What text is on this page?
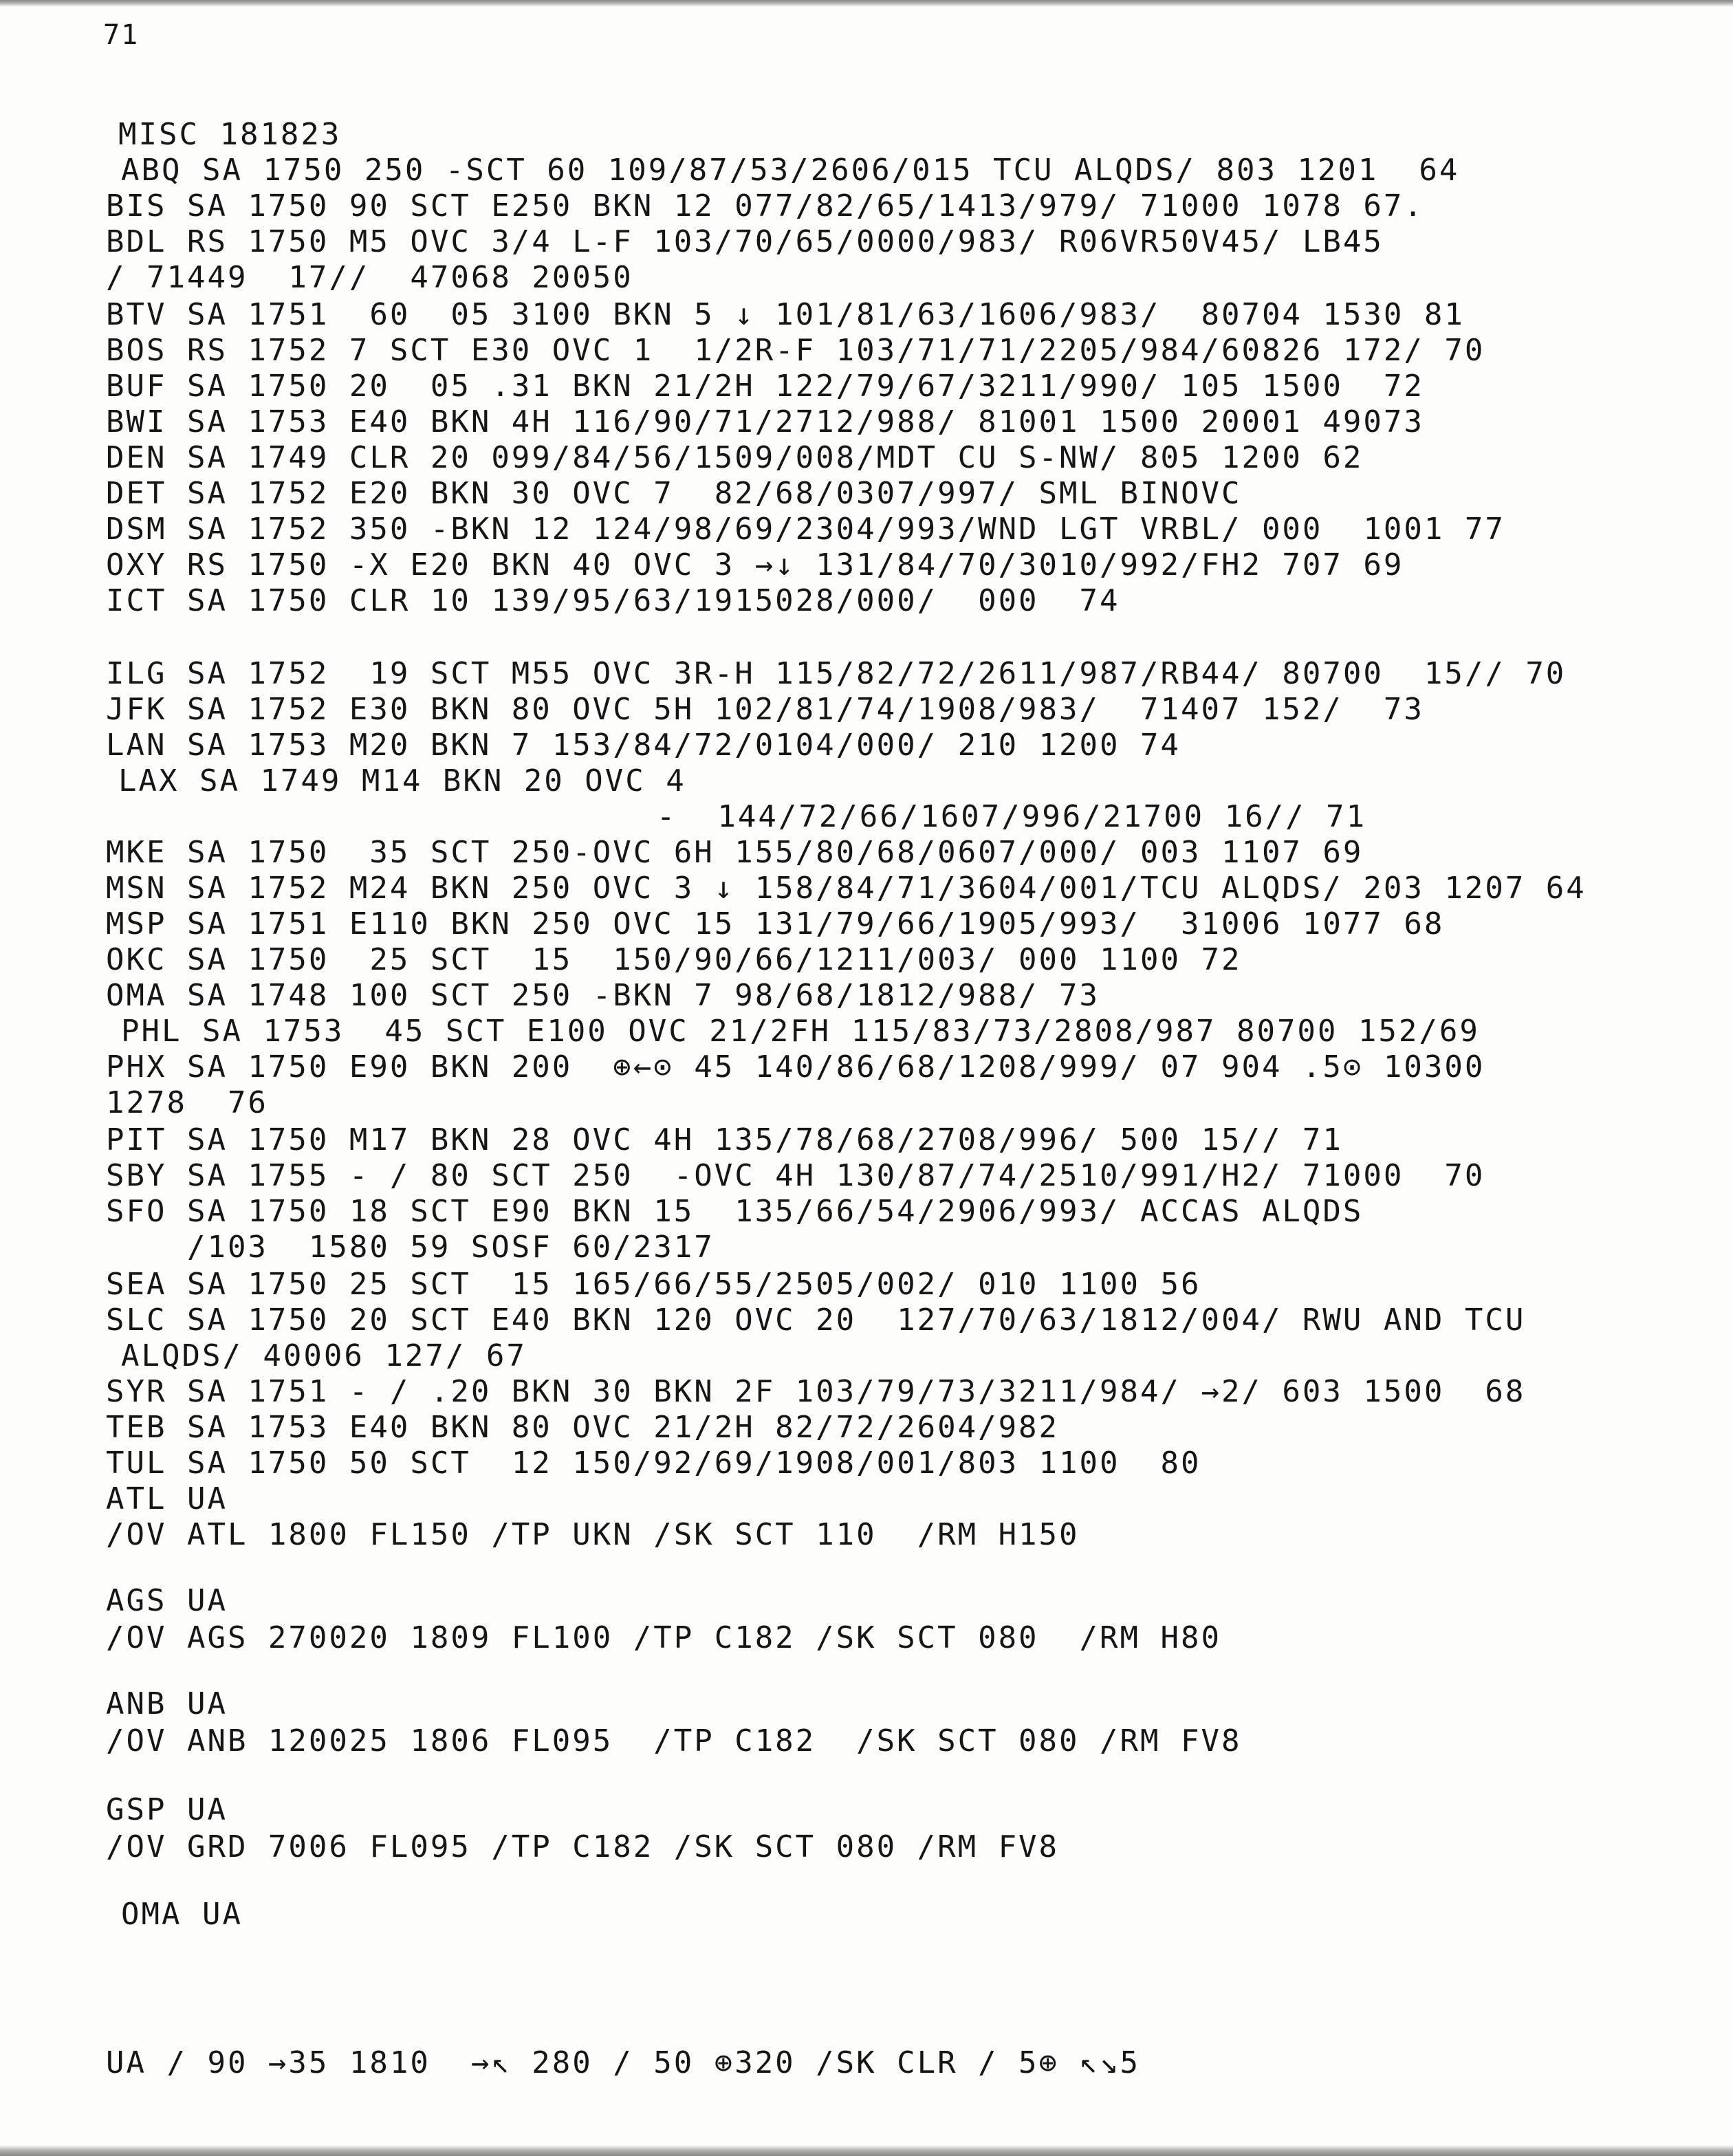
71
MISC 181823
ABQ SA 1750 250 -SCT 60 109/87/53/2606/015 TCU ALQDS/ 803 1201  64
BIS SA 1750 90 SCT E250 BKN 12 077/82/65/1413/979/ 71000 1078 67.
BDL RS 1750 M5 OVC 3/4 L-F 103/70/65/0000/983/ R06VR50V45/ LB45
/ 71449  17//  47068 20050
BTV SA 1751  60  05 3100 BKN 5 ↓ 101/81/63/1606/983/  80704 1530 81
BOS RS 1752 7 SCT E30 OVC 1  1/2R-F 103/71/71/2205/984/60826 172/ 70
BUF SA 1750 20  05 .31 BKN 21/2H 122/79/67/3211/990/ 105 1500  72
BWI SA 1753 E40 BKN 4H 116/90/71/2712/988/ 81001 1500 20001 49073
DEN SA 1749 CLR 20 099/84/56/1509/008/MDT CU S-NW/ 805 1200 62
DET SA 1752 E20 BKN 30 OVC 7  82/68/0307/997/ SML BINOVC
DSM SA 1752 350 -BKN 12 124/98/69/2304/993/WND LGT VRBL/ 000  1001 77
OXY RS 1750 -X E20 BKN 40 OVC 3 →↓ 131/84/70/3010/992/FH2 707 69
ICT SA 1750 CLR 10 139/95/63/1915028/000/  000  74
ILG SA 1752  19 SCT M55 OVC 3R-H 115/82/72/2611/987/RB44/ 80700  15// 70
JFK SA 1752 E30 BKN 80 OVC 5H 102/81/74/1908/983/  71407 152/  73
LAN SA 1753 M20 BKN 7 153/84/72/0104/000/ 210 1200 74
LAX SA 1749 M14 BKN 20 OVC 4
-  144/72/66/1607/996/21700 16// 71
MKE SA 1750  35 SCT 250-OVC 6H 155/80/68/0607/000/ 003 1107 69
MSN SA 1752 M24 BKN 250 OVC 3 ↓ 158/84/71/3604/001/TCU ALQDS/ 203 1207 64
MSP SA 1751 E110 BKN 250 OVC 15 131/79/66/1905/993/  31006 1077 68
OKC SA 1750  25 SCT  15  150/90/66/1211/003/ 000 1100 72
OMA SA 1748 100 SCT 250 -BKN 7 98/68/1812/988/ 73
PHL SA 1753  45 SCT E100 OVC 21/2FH 115/83/73/2808/987 80700 152/69
PHX SA 1750 E90 BKN 200  ⊕←⊙ 45 140/86/68/1208/999/ 07 904 .5⊙ 10300
1278  76
PIT SA 1750 M17 BKN 28 OVC 4H 135/78/68/2708/996/ 500 15// 71
SBY SA 1755 - / 80 SCT 250  -OVC 4H 130/87/74/2510/991/H2/ 71000  70
SFO SA 1750 18 SCT E90 BKN 15  135/66/54/2906/993/ ACCAS ALQDS
/103  1580 59 SOSF 60/2317
SEA SA 1750 25 SCT  15 165/66/55/2505/002/ 010 1100 56
SLC SA 1750 20 SCT E40 BKN 120 OVC 20  127/70/63/1812/004/ RWU AND TCU
ALQDS/ 40006 127/ 67
SYR SA 1751 - / .20 BKN 30 BKN 2F 103/79/73/3211/984/ →2/ 603 1500  68
TEB SA 1753 E40 BKN 80 OVC 21/2H 82/72/2604/982
TUL SA 1750 50 SCT  12 150/92/69/1908/001/803 1100  80
ATL UA
/OV ATL 1800 FL150 /TP UKN /SK SCT 110  /RM H150
AGS UA
/OV AGS 270020 1809 FL100 /TP C182 /SK SCT 080  /RM H80
ANB UA
/OV ANB 120025 1806 FL095  /TP C182  /SK SCT 080 /RM FV8
GSP UA
/OV GRD 7006 FL095 /TP C182 /SK SCT 080 /RM FV8
OMA UA
UA / 90 →35 1810  →↖ 280 / 50 ⊕320 /SK CLR / 5⊕ ↖↘5
